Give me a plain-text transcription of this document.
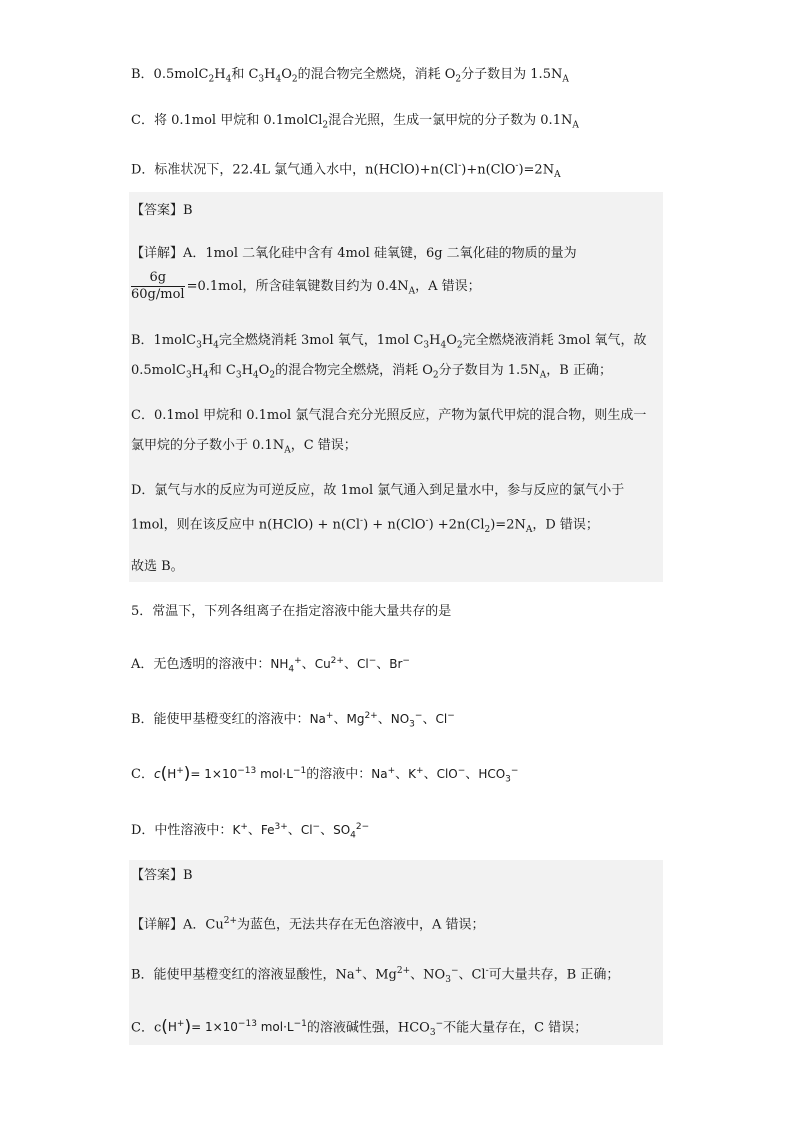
B．$0.5molC_2H_4$和 $C_3H_4O_2$的混合物完全燃烧，消耗 $O_2$分子数目为 $1.5N_A$
C．将 0.1mol 甲烷和 0.1molCl$_2$混合光照，生成一氯甲烷的分子数为 $0.1N_A$
D．标准状况下，22.4L 氯气通入水中，$n(HClO)+n(Cl^-)+n(ClO^-)=2N_A$
【答案】B
【详解】A．1mol 二氧化硅中含有 4mol 硅氧键，6g 二氧化硅的物质的量为
$\frac{6g}{\text{60g/mol}} =0.1mol$，所含硅氧键数目约为 $0.4N_A$，A 错误；
B．$1molC_3H_4$完全燃烧消耗 3mol 氧气，1mol $C_3H_4O_2$完全燃烧液消耗 3mol 氧气，故
$0.5molC_3H_4$和 $C_3H_4O_2$的混合物完全燃烧，消耗 $O_2$分子数目为 $1.5N_A$，B 正确；
C．0.1mol 甲烷和 0.1mol 氯气混合充分光照反应，产物为氯代甲烷的混合物，则生成一
氯甲烷的分子数小于 $0.1N_A$，C 错误；
D．氯气与水的反应为可逆反应，故 1mol 氯气通入到足量水中，参与反应的氯气小于
1mol，则在该反应中 n(HClO) + $n(Cl^-) + n(ClO^-) +2n(Cl_2)=2N_A$，D 错误；
故选 B。
5．常温下，下列各组离子在指定溶液中能大量共存的是
A．无色透明的溶液中：$NH_4^+$、$Cu^{2+}$、Cl−、Br−
B．能使甲基橙变红的溶液中：Na+、$Mg^{2+}$、$NO_3^-$、Cl−
C．$c(H^+)= 1\times 10^{-13}$ $mol\cdot L^{-1}$的溶液中：Na+、K+、ClO−、$HCO_3^-$
D．中性溶液中：K+、$Fe^{3+}$、Cl−、$SO_4^{2-}$
【答案】B
【详解】A．$Cu^{2+}$为蓝色，无法共存在无色溶液中，A 错误；
B．能使甲基橙变红的溶液显酸性，Na+、$Mg^{2+}$、$NO_3^-$、Cl-可大量共存，B 正确；
C．$c(H^+)= 1\times 10^{-13}$ $mol\cdot L^{-1}$的溶液碱性强，$HCO_3^-$不能大量存在，C 错误；
